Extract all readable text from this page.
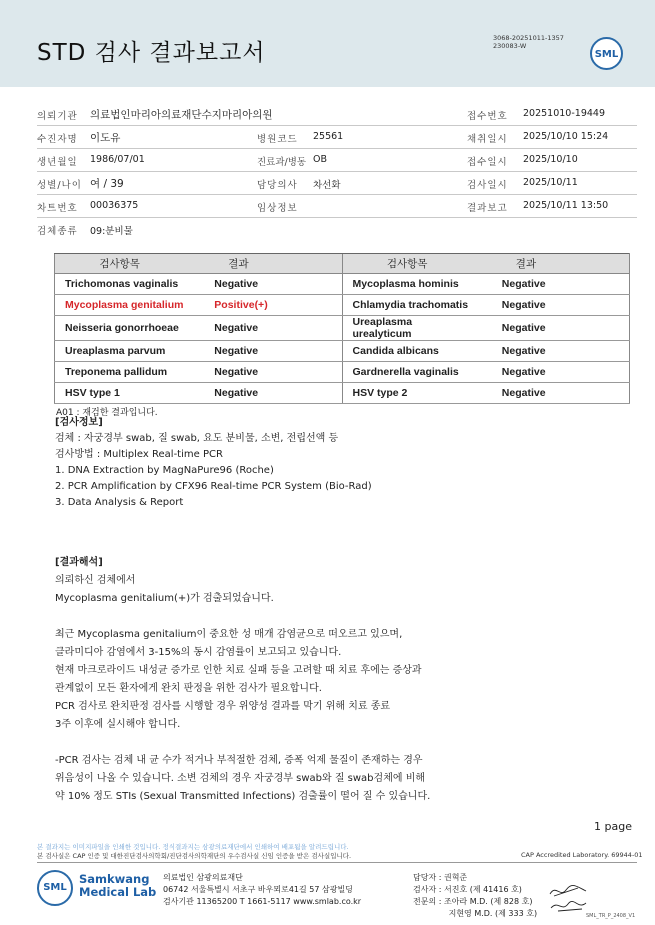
STD 검사 결과보고서
3068-20251011-1357
230083-W
SML
의뢰기관 의료법인마리아의료재단수지마리아의원	접수번호 20251010-19449
수진자명 이도유	병원코드 25561	채취일시 2025/10/10 15:24
생년월일 1986/07/01	진료과/병동 OB	접수일시 2025/10/10
성별/나이 여 / 39	담당의사 차선화	검사일시 2025/10/11
차트번호 00036375	임상정보	결과보고 2025/10/11 13:50
검체종류 09:분비물
검사항목	결과	검사항목	결과
Trichomonas vaginalis	Negative	Mycoplasma hominis	Negative
Mycoplasma genitalium	Positive(+)	Chlamydia trachomatis	Negative
Neisseria gonorrhoeae	Negative	Ureaplasma urealyticum	Negative
Ureaplasma parvum	Negative	Candida albicans	Negative
Treponema pallidum	Negative	Gardnerella vaginalis	Negative
HSV type 1	Negative	HSV type 2	Negative
A01 : 재검한 결과입니다.
[검사정보]
검체 : 자궁경부 swab, 질 swab, 요도 분비물, 소변, 전립선액 등
검사방법 : Multiplex Real-time PCR
1. DNA Extraction by MagNaPure96 (Roche)
2. PCR Amplification by CFX96 Real-time PCR System (Bio-Rad)
3. Data Analysis & Report
[결과해석]
의뢰하신 검체에서
Mycoplasma genitalium(+)가 검출되었습니다.
최근 Mycoplasma genitalium이 중요한 성 매개 감염균으로 떠오르고 있으며,
클라미디아 감염에서 3-15%의 동시 감염률이 보고되고 있습니다.
현재 마크로라이드 내성균 증가로 인한 치료 실패 등을 고려할 때 치료 후에는 증상과
관계없이 모든 환자에게 완치 판정을 위한 검사가 필요합니다.
PCR 검사로 완치판정 검사를 시행할 경우 위양성 결과를 막기 위해 치료 종료
3주 이후에 실시해야 합니다.
-PCR 검사는 검체 내 균 수가 적거나 부적절한 검체, 증폭 억제 물질이 존재하는 경우
위음성이 나올 수 있습니다. 소변 검체의 경우 자궁경부 swab와 질 swab검체에 비해
약 10% 정도 STIs (Sexual Transmitted Infections) 검출률이 떨어 질 수 있습니다.
1 page
본 결과지는 이미지파일을 인쇄한 것입니다. 정식결과지는 삼광의료재단에서 인쇄하여 배포됨을 알려드립니다.
본 검사실은 CAP 인증 및 대한진단검사의학회/진단검사의학재단의 우수검사실 신임 인증을 받은 검사실입니다.	CAP Accredited Laboratory. 69944-01
SML
Samkwang
Medical Lab
의료법인 삼광의료재단
06742 서울특별시 서초구 바우뫼로41길 57 삼광빌딩
검사기관 11365200 T 1661-5117 www.smlab.co.kr
담당자 : 권혁준
검사자 : 서진호 (제 41416 호)
전문의 : 조아라 M.D. (제 828 호)
지현영 M.D. (제 333 호)	SML_TR_P_2408_V1
